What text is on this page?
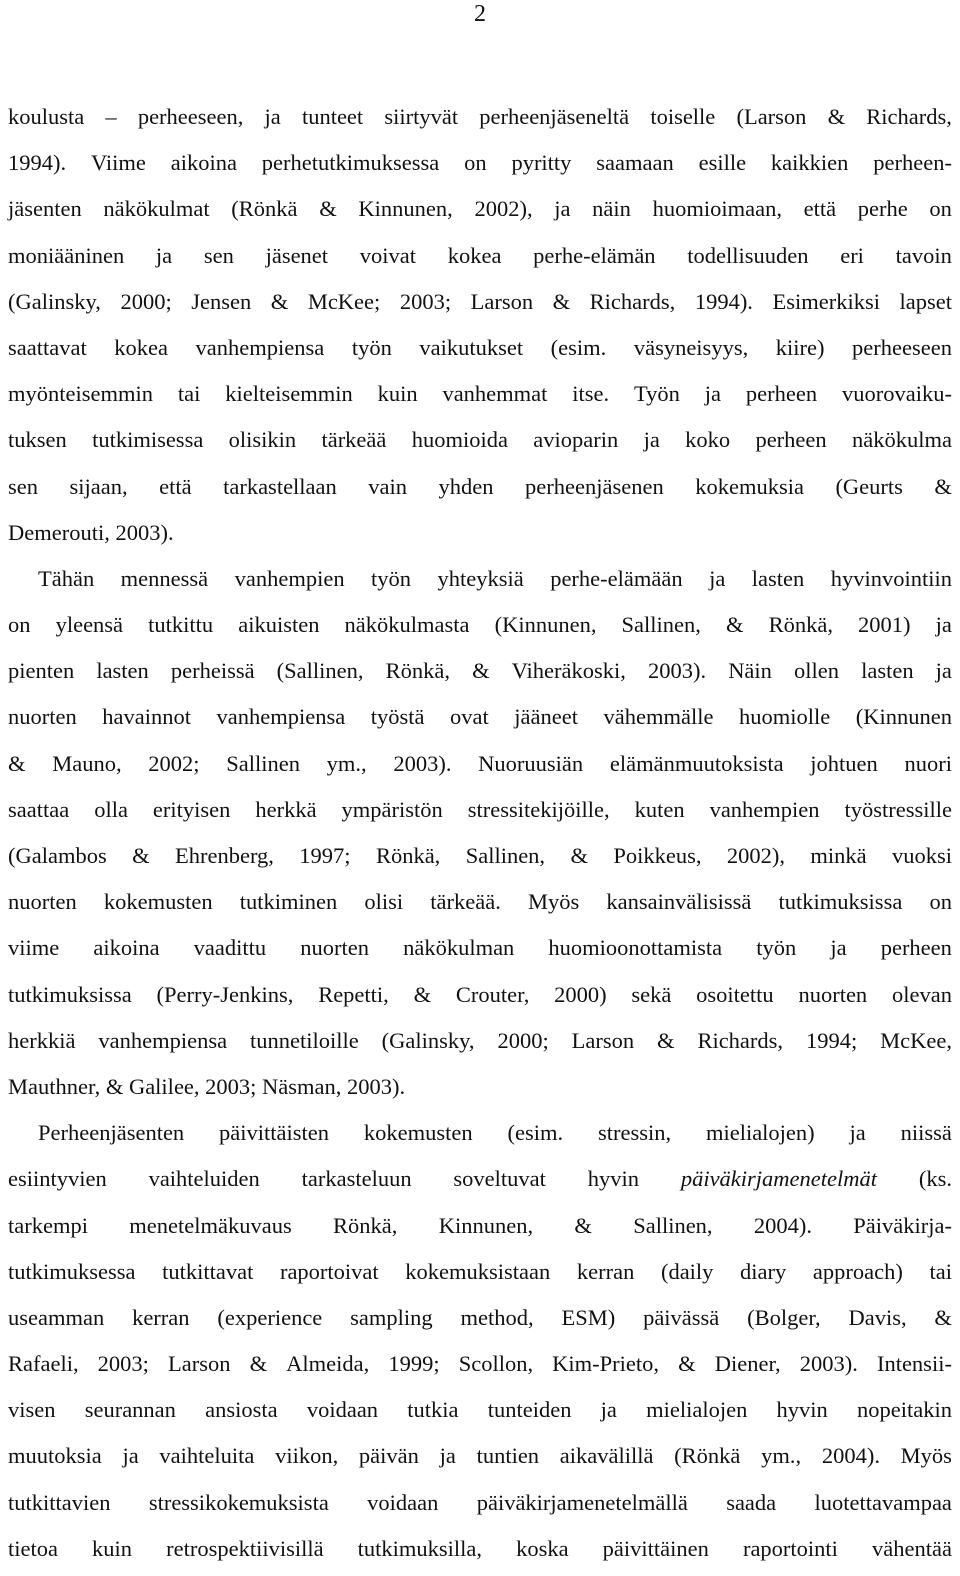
2
koulusta – perheeseen, ja tunteet siirtyvät perheenjäseneltä toiselle (Larson & Richards,
1994). Viime aikoina perhetutkimuksessa on pyritty saamaan esille kaikkien perheen-
jäsenten näkökulmat (Rönkä & Kinnunen, 2002), ja näin huomioimaan, että perhe on
moniääninen ja sen jäsenet voivat kokea perhe-elämän todellisuuden eri tavoin
(Galinsky, 2000; Jensen & McKee; 2003; Larson & Richards, 1994). Esimerkiksi lapset
saattavat kokea vanhempiensa työn vaikutukset (esim. väsyneisyys, kiire) perheeseen
myönteisemmin tai kielteisemmin kuin vanhemmat itse. Työn ja perheen vuorovaiku-
tuksen tutkimisessa olisikin tärkeää huomioida avioparin ja koko perheen näkökulma
sen sijaan, että tarkastellaan vain yhden perheenjäsenen kokemuksia (Geurts &
Demerouti, 2003).
Tähän mennessä vanhempien työn yhteyksiä perhe-elämään ja lasten hyvinvointiin
on yleensä tutkittu aikuisten näkökulmasta (Kinnunen, Sallinen, & Rönkä, 2001) ja
pienten lasten perheissä (Sallinen, Rönkä, & Viheräkoski, 2003). Näin ollen lasten ja
nuorten havainnot vanhempiensa työstä ovat jääneet vähemmälle huomiolle (Kinnunen
& Mauno, 2002; Sallinen ym., 2003). Nuoruusiän elämänmuutoksista johtuen nuori
saattaa olla erityisen herkkä ympäristön stressitekijöille, kuten vanhempien työstressille
(Galambos & Ehrenberg, 1997; Rönkä, Sallinen, & Poikkeus, 2002), minkä vuoksi
nuorten kokemusten tutkiminen olisi tärkeää. Myös kansainvälisissä tutkimuksissa on
viime aikoina vaadittu nuorten näkökulman huomioonottamista työn ja perheen
tutkimuksissa (Perry-Jenkins, Repetti, & Crouter, 2000) sekä osoitettu nuorten olevan
herkkiä vanhempiensa tunnetiloille (Galinsky, 2000; Larson & Richards, 1994; McKee,
Mauthner, & Galilee, 2003; Näsman, 2003).
Perheenjäsenten päivittäisten kokemusten (esim. stressin, mielialojen) ja niissä
esiintyvien vaihteluiden tarkasteluun soveltuvat hyvin päiväkirjamenetelmät (ks.
tarkempi menetelmäkuvaus Rönkä, Kinnunen, & Sallinen, 2004). Päiväkirja-
tutkimuksessa tutkittavat raportoivat kokemuksistaan kerran (daily diary approach) tai
useamman kerran (experience sampling method, ESM) päivässä (Bolger, Davis, &
Rafaeli, 2003; Larson & Almeida, 1999; Scollon, Kim-Prieto, & Diener, 2003). Intensii-
visen seurannan ansiosta voidaan tutkia tunteiden ja mielialojen hyvin nopeitakin
muutoksia ja vaihteluita viikon, päivän ja tuntien aikavälillä (Rönkä ym., 2004). Myös
tutkittavien stressikokemuksista voidaan päiväkirjamenetelmällä saada luotettavampaa
tietoa kuin retrospektiivisillä tutkimuksilla, koska päivittäinen raportointi vähentää
